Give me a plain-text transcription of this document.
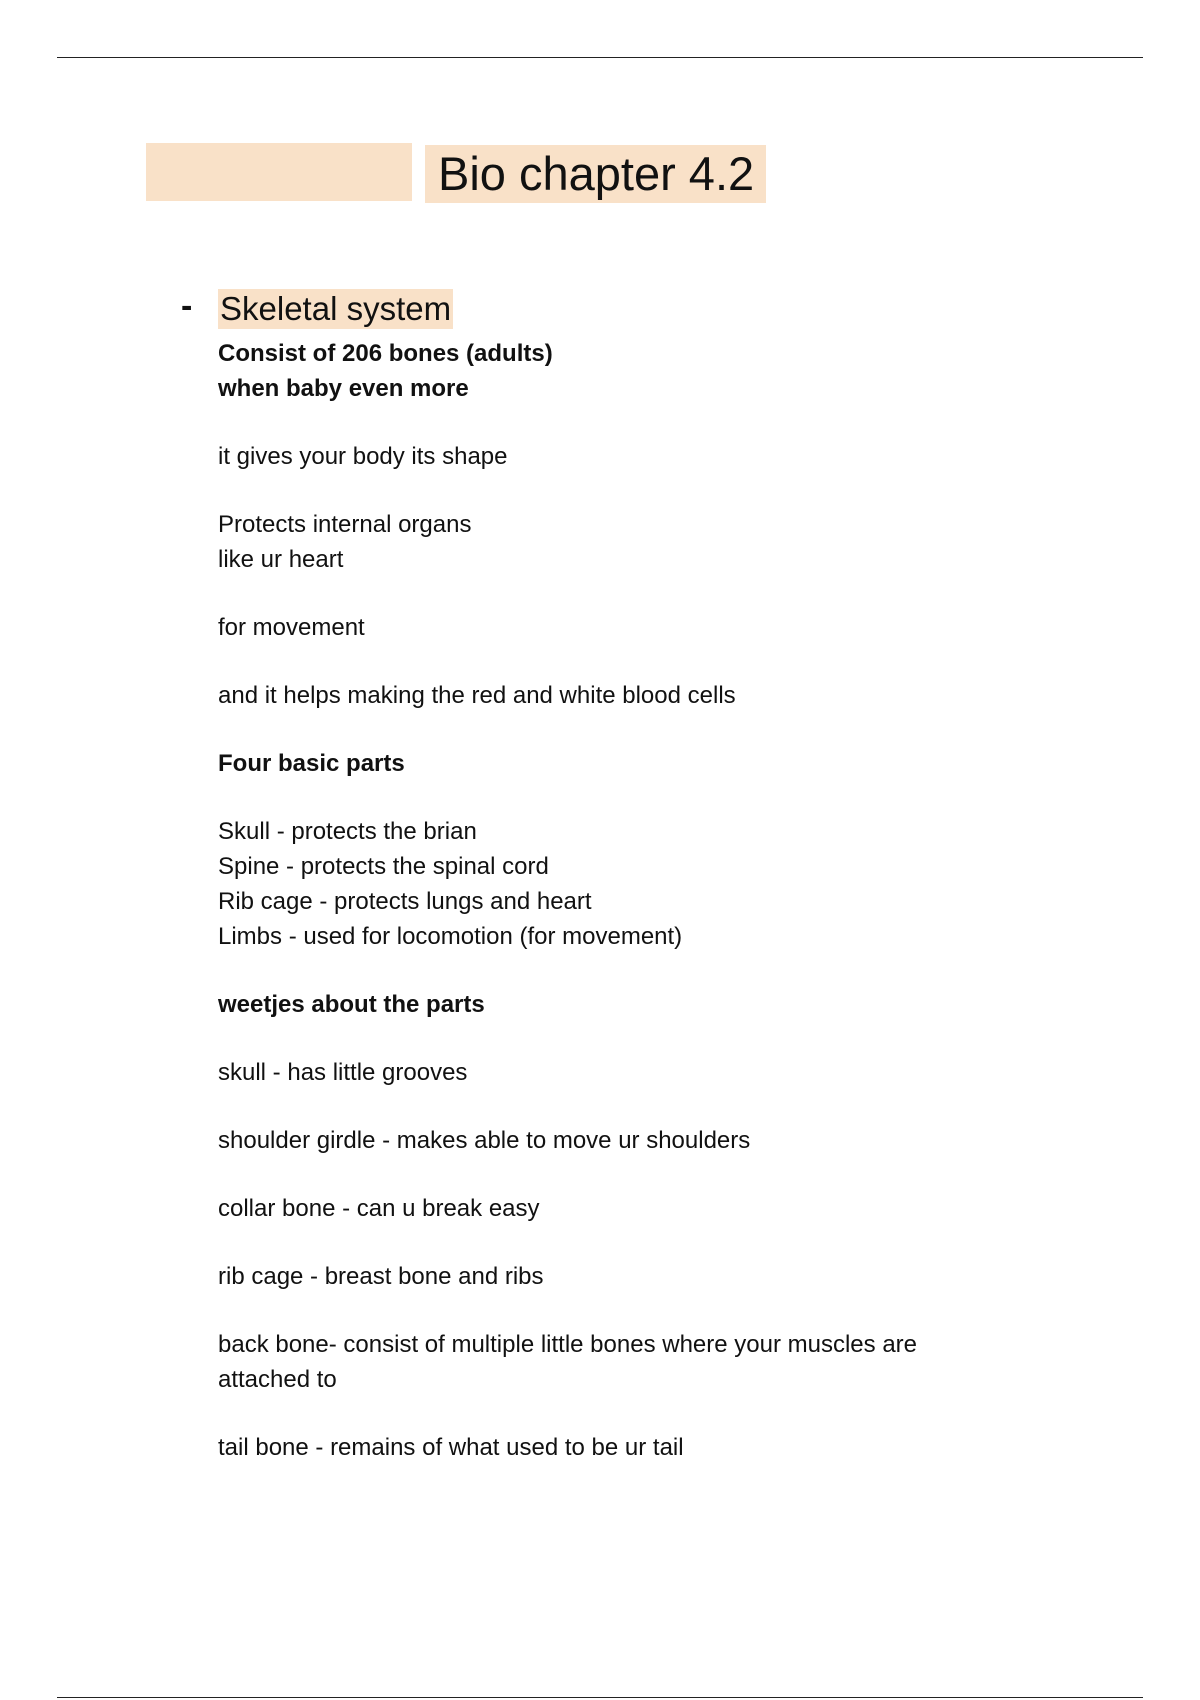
Bio chapter 4.2
- Skeletal system

Consist of 206 bones (adults)

when baby even more

it gives your body its shape

Protects internal organs

like ur heart

for movement

and it helps making the red and white blood cells

Four basic parts

Skull - protects the brian

Spine - protects the spinal cord

Rib cage - protects lungs and heart

Limbs - used for locomotion (for movement)

weetjes about the parts

skull - has little grooves

shoulder girdle - makes able to move ur shoulders

collar bone - can u break easy

rib cage - breast bone and ribs

back bone- consist of multiple little bones where your muscles are

attached to

tail bone - remains of what used to be ur tail
